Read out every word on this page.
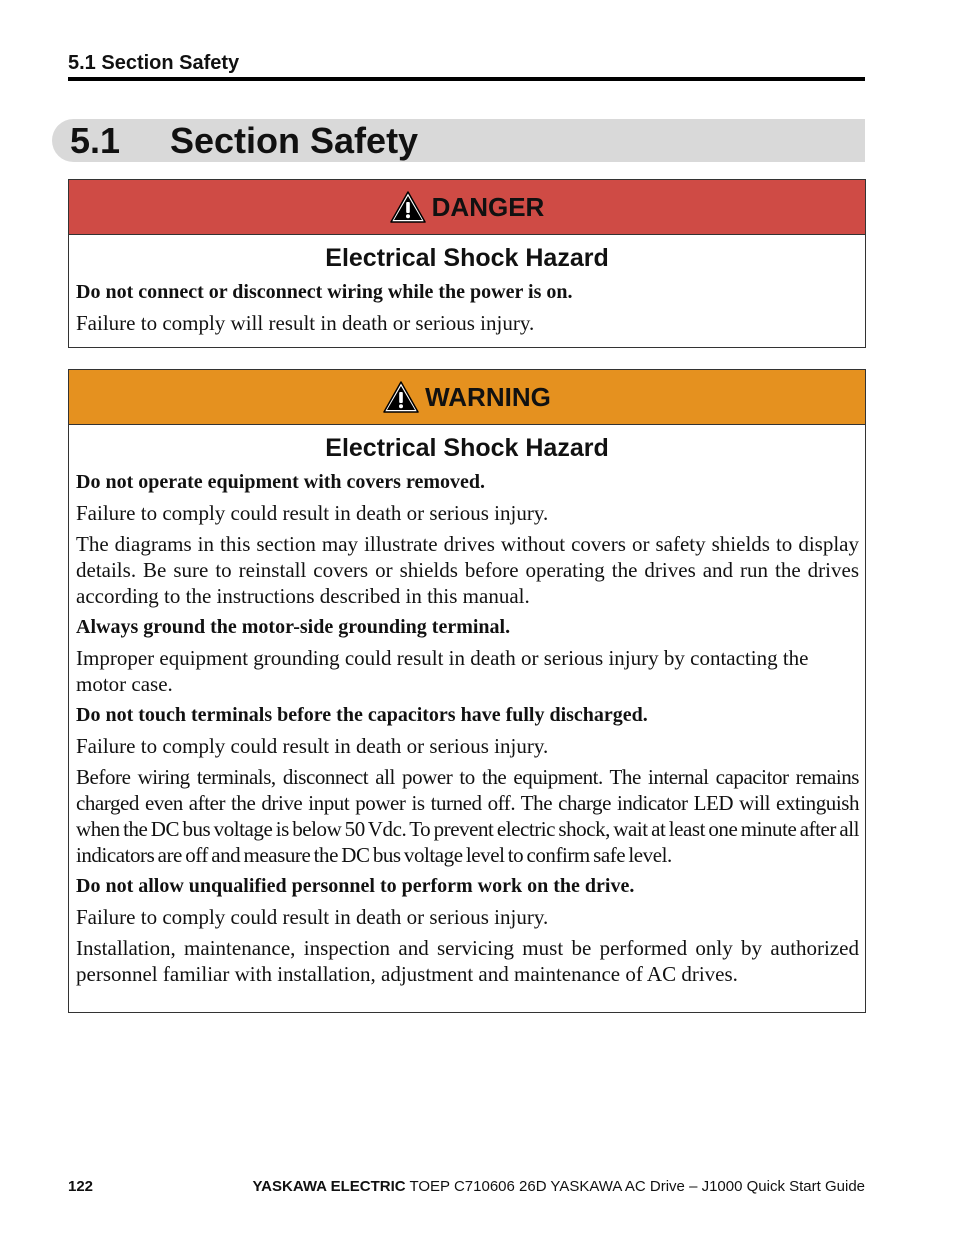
5.1 Section Safety
5.1 Section Safety
DANGER
Electrical Shock Hazard

Do not connect or disconnect wiring while the power is on.

Failure to comply will result in death or serious injury.

WARNING
Electrical Shock Hazard

Do not operate equipment with covers removed.

Failure to comply could result in death or serious injury.

The diagrams in this section may illustrate drives without covers or safety shields to display details. Be sure to reinstall covers or shields before operating the drives and run the drives according to the instructions described in this manual.

Always ground the motor-side grounding terminal.

Improper equipment grounding could result in death or serious injury by contacting the motor case.

Do not touch terminals before the capacitors have fully discharged.

Failure to comply could result in death or serious injury.

Before wiring terminals, disconnect all power to the equipment. The internal capacitor remains charged even after the drive input power is turned off. The charge indicator LED will extinguish when the DC bus voltage is below 50 Vdc. To prevent electric shock, wait at least one minute after all indicators are off and measure the DC bus voltage level to confirm safe level.

Do not allow unqualified personnel to perform work on the drive.

Failure to comply could result in death or serious injury.

Installation, maintenance, inspection and servicing must be performed only by authorized personnel familiar with installation, adjustment and maintenance of AC drives.

122	YASKAWA ELECTRIC TOEP C710606 26D YASKAWA AC Drive – J1000 Quick Start Guide
